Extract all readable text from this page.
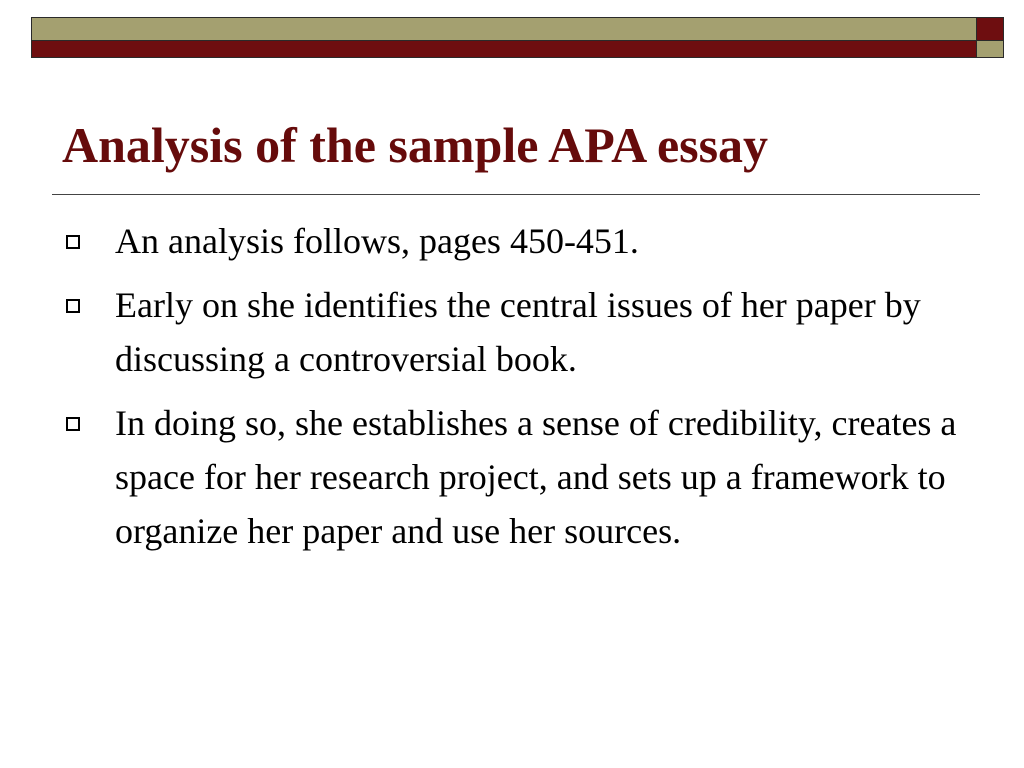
Analysis of the sample APA essay
An analysis follows, pages 450-451.
Early on she identifies the central issues of her paper by discussing a controversial book.
In doing so, she establishes a sense of credibility, creates a space for her research project, and sets up a framework to organize her paper and use her sources.
